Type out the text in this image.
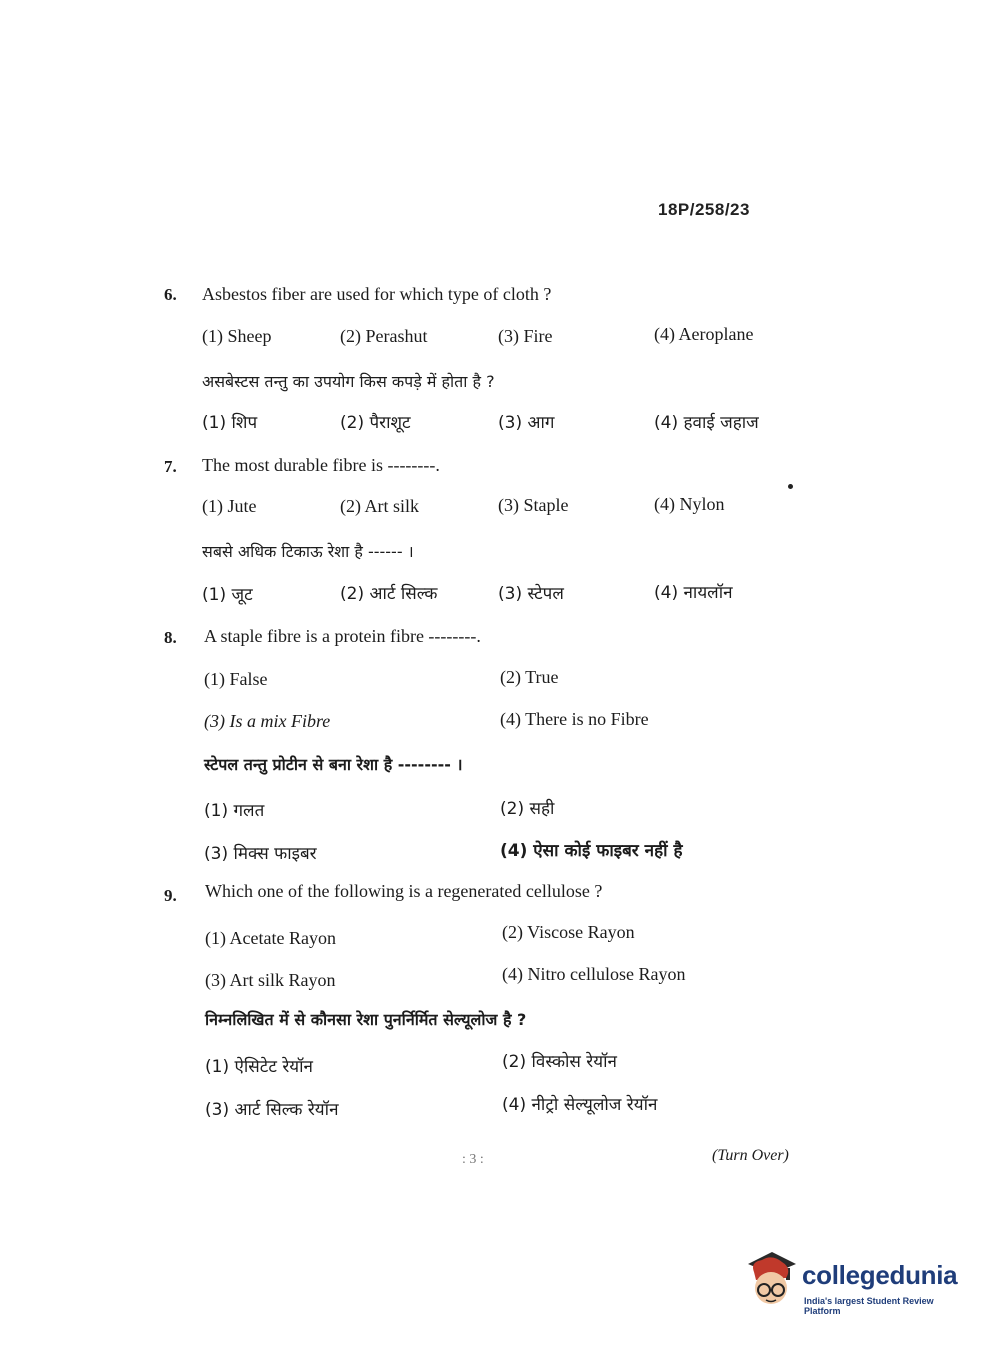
18P/258/23
6. Asbestos fiber are used for which type of cloth ?
(1) Sheep	(2) Perashut	(3) Fire	(4) Aeroplane
असबेस्टस तन्तु का उपयोग किस कपड़े में होता है ?
(1) शिप	(2) पैराशूट	(3) आग	(4) हवाई जहाज
7. The most durable fibre is --------.
(1) Jute	(2) Art silk	(3) Staple	(4) Nylon
सबसे अधिक टिकाऊ रेशा है ------ ।
(1) जूट	(2) आर्ट सिल्क	(3) स्टेपल	(4) नायलॉन
8. A staple fibre is a protein fibre --------.
(1) False	(2) True
(3) Is a mix Fibre	(4) There is no Fibre
स्टेपल तन्तु प्रोटीन से बना रेशा है -------- ।
(1) गलत	(2) सही
(3) मिक्स फाइबर	(4) ऐसा कोई फाइबर नहीं है
9. Which one of the following is a regenerated cellulose ?
(1) Acetate Rayon	(2) Viscose Rayon
(3) Art silk Rayon	(4) Nitro cellulose Rayon
निम्नलिखित में से कौनसा रेशा पुनर्निर्मित सेल्यूलोज है ?
(1) ऐसिटेट रेयॉन	(2) विस्कोस रेयॉन
(3) आर्ट सिल्क रेयॉन	(4) नीट्रो सेल्यूलोज रेयॉन
: 3 :	(Turn Over)
collegedunia
India's largest Student Review Platform
